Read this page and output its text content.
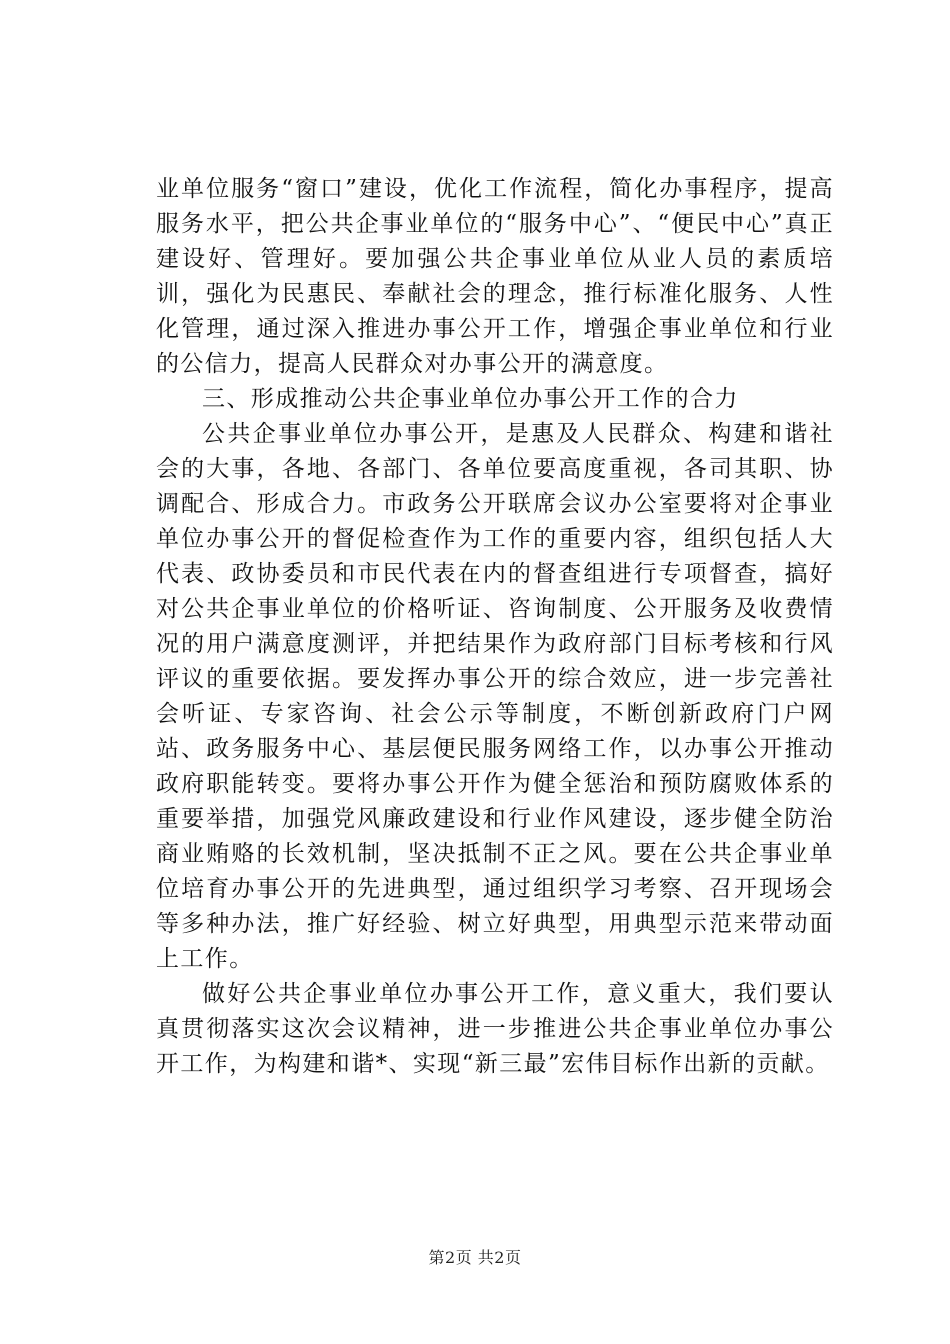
业单位服务“窗口”建设，优化工作流程，简化办事程序，提高服务水平，把公共企事业单位的“服务中心”、“便民中心”真正建设好、管理好。要加强公共企事业单位从业人员的素质培训，强化为民惠民、奉献社会的理念，推行标准化服务、人性化管理，通过深入推进办事公开工作，增强企事业单位和行业的公信力，提高人民群众对办事公开的满意度。

三、形成推动公共企事业单位办事公开工作的合力

公共企事业单位办事公开，是惠及人民群众、构建和谐社会的大事，各地、各部门、各单位要高度重视，各司其职、协调配合、形成合力。市政务公开联席会议办公室要将对企事业单位办事公开的督促检查作为工作的重要内容，组织包括人大代表、政协委员和市民代表在内的督查组进行专项督查，搞好对公共企事业单位的价格听证、咨询制度、公开服务及收费情况的用户满意度测评，并把结果作为政府部门目标考核和行风评议的重要依据。要发挥办事公开的综合效应，进一步完善社会听证、专家咨询、社会公示等制度，不断创新政府门户网站、政务服务中心、基层便民服务网络工作，以办事公开推动政府职能转变。要将办事公开作为健全惩治和预防腐败体系的重要举措，加强党风廉政建设和行业作风建设，逐步健全防治商业贿赂的长效机制，坚决抵制不正之风。要在公共企事业单位培育办事公开的先进典型，通过组织学习考察、召开现场会等多种办法，推广好经验、树立好典型，用典型示范来带动面上工作。

做好公共企事业单位办事公开工作，意义重大，我们要认真贯彻落实这次会议精神，进一步推进公共企事业单位办事公开工作，为构建和谐*、实现“新三最”宏伟目标作出新的贡献。

第2页 共2页
